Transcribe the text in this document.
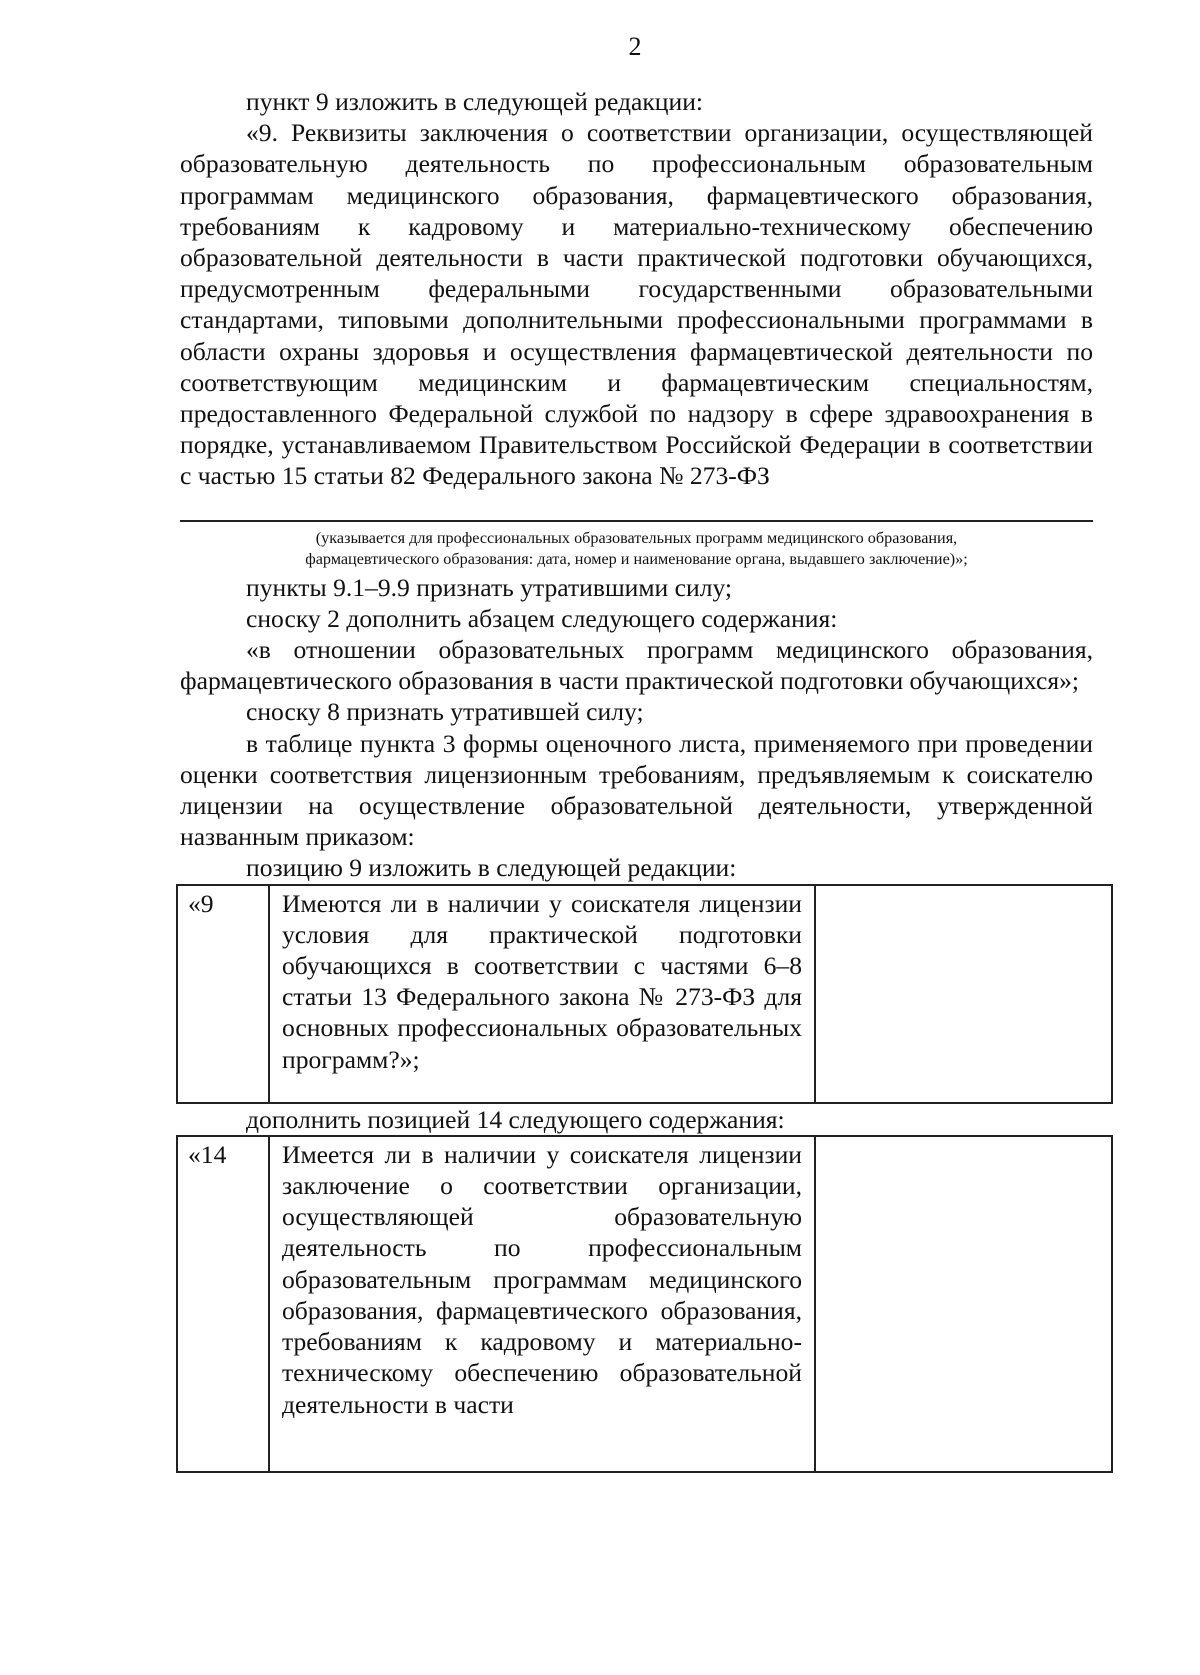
2

пункт 9 изложить в следующей редакции:

«9. Реквизиты заключения о соответствии организации, осуществляющей образовательную деятельность по профессиональным образовательным программам медицинского образования, фармацевтического образования, требованиям к кадровому и материально-техническому обеспечению образовательной деятельности в части практической подготовки обучающихся, предусмотренным федеральными государственными образовательными стандартами, типовыми дополнительными профессиональными программами в области охраны здоровья и осуществления фармацевтической деятельности по соответствующим медицинским и фармацевтическим специальностям, предоставленного Федеральной службой по надзору в сфере здравоохранения в порядке, устанавливаемом Правительством Российской Федерации в соответствии с частью 15 статьи 82 Федерального закона № 273-ФЗ

(указывается для профессиональных образовательных программ медицинского образования,
фармацевтического образования: дата, номер и наименование органа, выдавшего заключение)»;

пункты 9.1–9.9 признать утратившими силу;

сноску 2 дополнить абзацем следующего содержания:

«в отношении образовательных программ медицинского образования, фармацевтического образования в части практической подготовки обучающихся»;

сноску 8 признать утратившей силу;

в таблице пункта 3 формы оценочного листа, применяемого при проведении оценки соответствия лицензионным требованиям, предъявляемым к соискателю лицензии на осуществление образовательной деятельности, утвержденной названным приказом:

позицию 9 изложить в следующей редакции:

«9	Имеются ли в наличии у соискателя лицензии условия для практической подготовки обучающихся в соответствии с частями 6–8 статьи 13 Федерального закона № 273-ФЗ для основных профессиональных образовательных программ?»;	

дополнить позицией 14 следующего содержания:

«14	Имеется ли в наличии у соискателя лицензии заключение о соответствии организации, осуществляющей образовательную деятельность по профессиональным образовательным программам медицинского образования, фармацевтического образования, требованиям к кадровому и материально-техническому обеспечению образовательной деятельности в части	
